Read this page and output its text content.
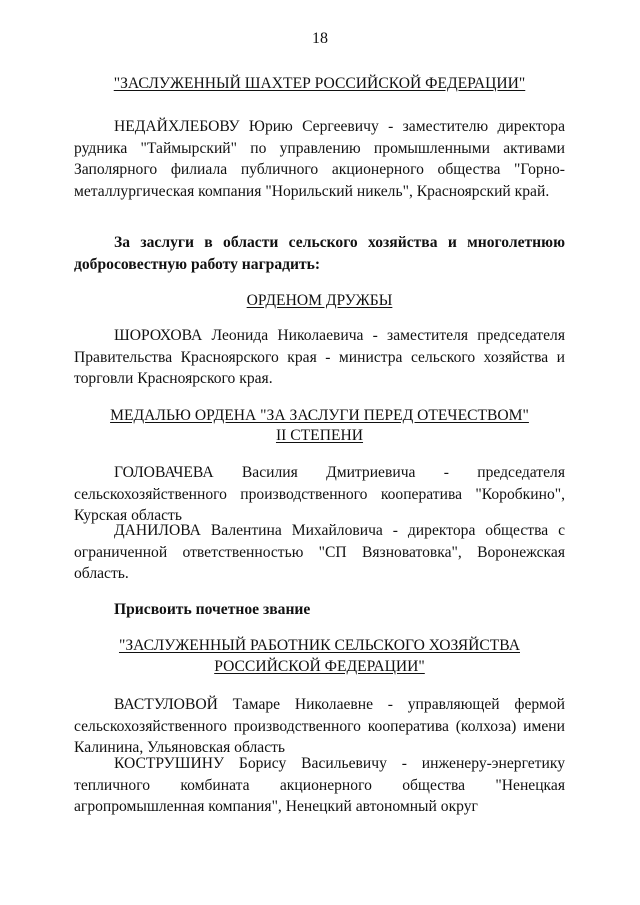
18
"ЗАСЛУЖЕННЫЙ ШАХТЕР РОССИЙСКОЙ ФЕДЕРАЦИИ"
НЕДАЙХЛЕБОВУ Юрию Сергеевичу - заместителю директора рудника "Таймырский" по управлению промышленными активами Заполярного филиала публичного акционерного общества "Горно-металлургическая компания "Норильский никель", Красноярский край.
За заслуги в области сельского хозяйства и многолетнюю добросовестную работу наградить:
ОРДЕНОМ ДРУЖБЫ
ШОРОХОВА Леонида Николаевича - заместителя председателя Правительства Красноярского края - министра сельского хозяйства и торговли Красноярского края.
МЕДАЛЬЮ ОРДЕНА "ЗА ЗАСЛУГИ ПЕРЕД ОТЕЧЕСТВОМ"
II СТЕПЕНИ
ГОЛОВАЧЕВА Василия Дмитриевича - председателя сельскохозяйственного производственного кооператива "Коробкино", Курская область
ДАНИЛОВА Валентина Михайловича - директора общества с ограниченной ответственностью "СП Вязноватовка", Воронежская область.
Присвоить почетное звание
"ЗАСЛУЖЕННЫЙ РАБОТНИК СЕЛЬСКОГО ХОЗЯЙСТВА
РОССИЙСКОЙ ФЕДЕРАЦИИ"
ВАСТУЛОВОЙ Тамаре Николаевне - управляющей фермой сельскохозяйственного производственного кооператива (колхоза) имени Калинина, Ульяновская область
КОСТРУШИНУ Борису Васильевичу - инженеру-энергетику тепличного комбината акционерного общества "Ненецкая агропромышленная компания", Ненецкий автономный округ
